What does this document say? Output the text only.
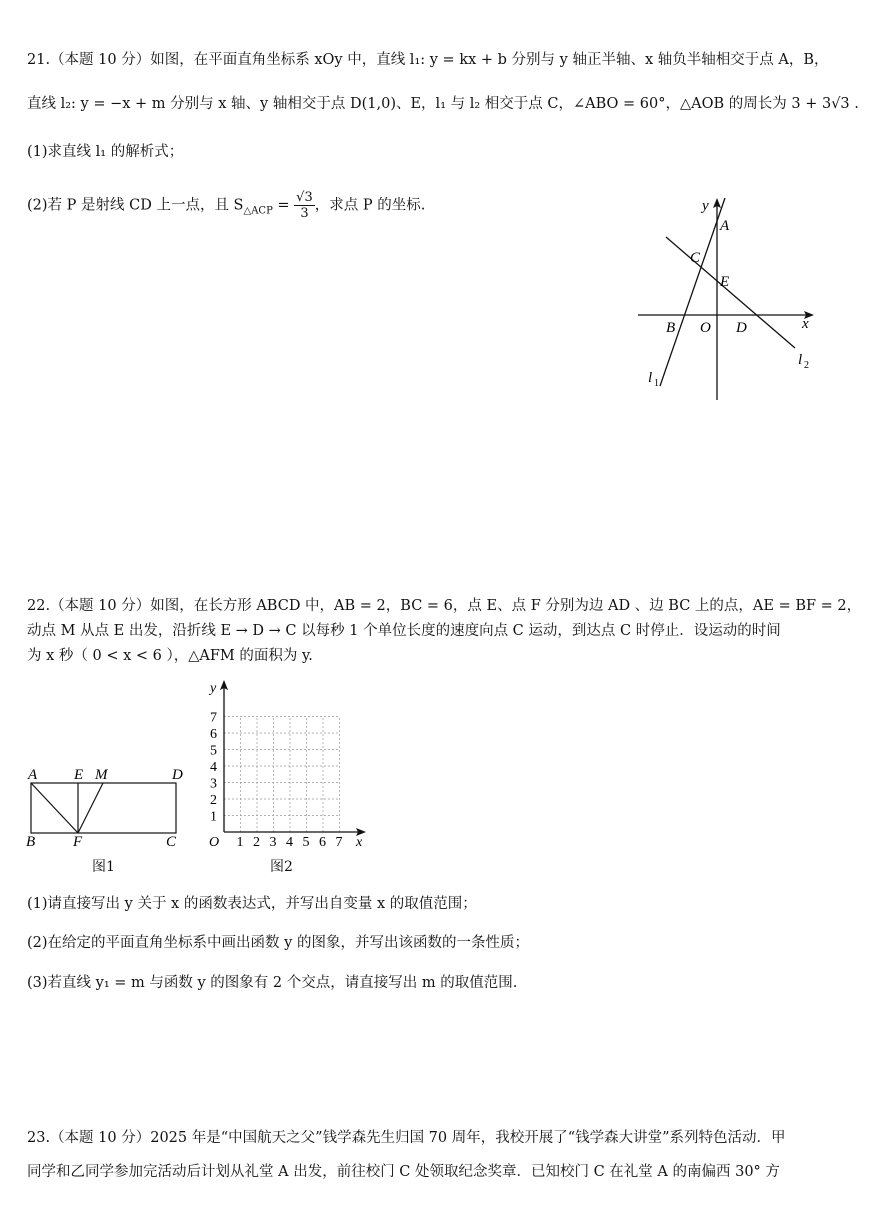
21.（本题 10 分）如图，在平面直角坐标系 xOy 中，直线 l₁: y = kx + b 分别与 y 轴正半轴、x 轴负半轴相交于点 A，B，
直线 l₂: y = −x + m 分别与 x 轴、y 轴相交于点 D(1,0)、E，l₁ 与 l₂ 相交于点 C，∠ABO = 60°，△AOB 的周长为 3 + 3√3 .
(1)求直线 l₁ 的解析式；
(2)若 P 是射线 CD 上一点，且 $S_{\triangle ACP} = \frac{√3}{3}$ ，求点 P 的坐标.	y
A
C
E
B O D	x
l 2
l 1
22.（本题 10 分）如图，在长方形 ABCD 中，AB = 2，BC = 6，点 E、点 F 分别为边 AD 、边 BC 上的点，AE = BF = 2，
动点 M 从点 E 出发，沿折线 E → D → C 以每秒 1 个单位长度的速度向点 C 运动，到达点 C 时停止．设运动的时间
为 x 秒（ 0 < x < 6 ），△AFM 的面积为 y.
A E M	D
B	F	C
图1
y
x
O
1
2
3
4
5
6
7
1 2 3 4 5 6 7
图2
(1)请直接写出 y 关于 x 的函数表达式，并写出自变量 x 的取值范围；
(2)在给定的平面直角坐标系中画出函数 y 的图象，并写出该函数的一条性质；
(3)若直线 y₁ = m 与函数 y 的图象有 2 个交点，请直接写出 m 的取值范围.
23.（本题 10 分）2025 年是“中国航天之父”钱学森先生归国 70 周年，我校开展了“钱学森大讲堂”系列特色活动．甲
同学和乙同学参加完活动后计划从礼堂 A 出发，前往校门 C 处领取纪念奖章．已知校门 C 在礼堂 A 的南偏西 30° 方
